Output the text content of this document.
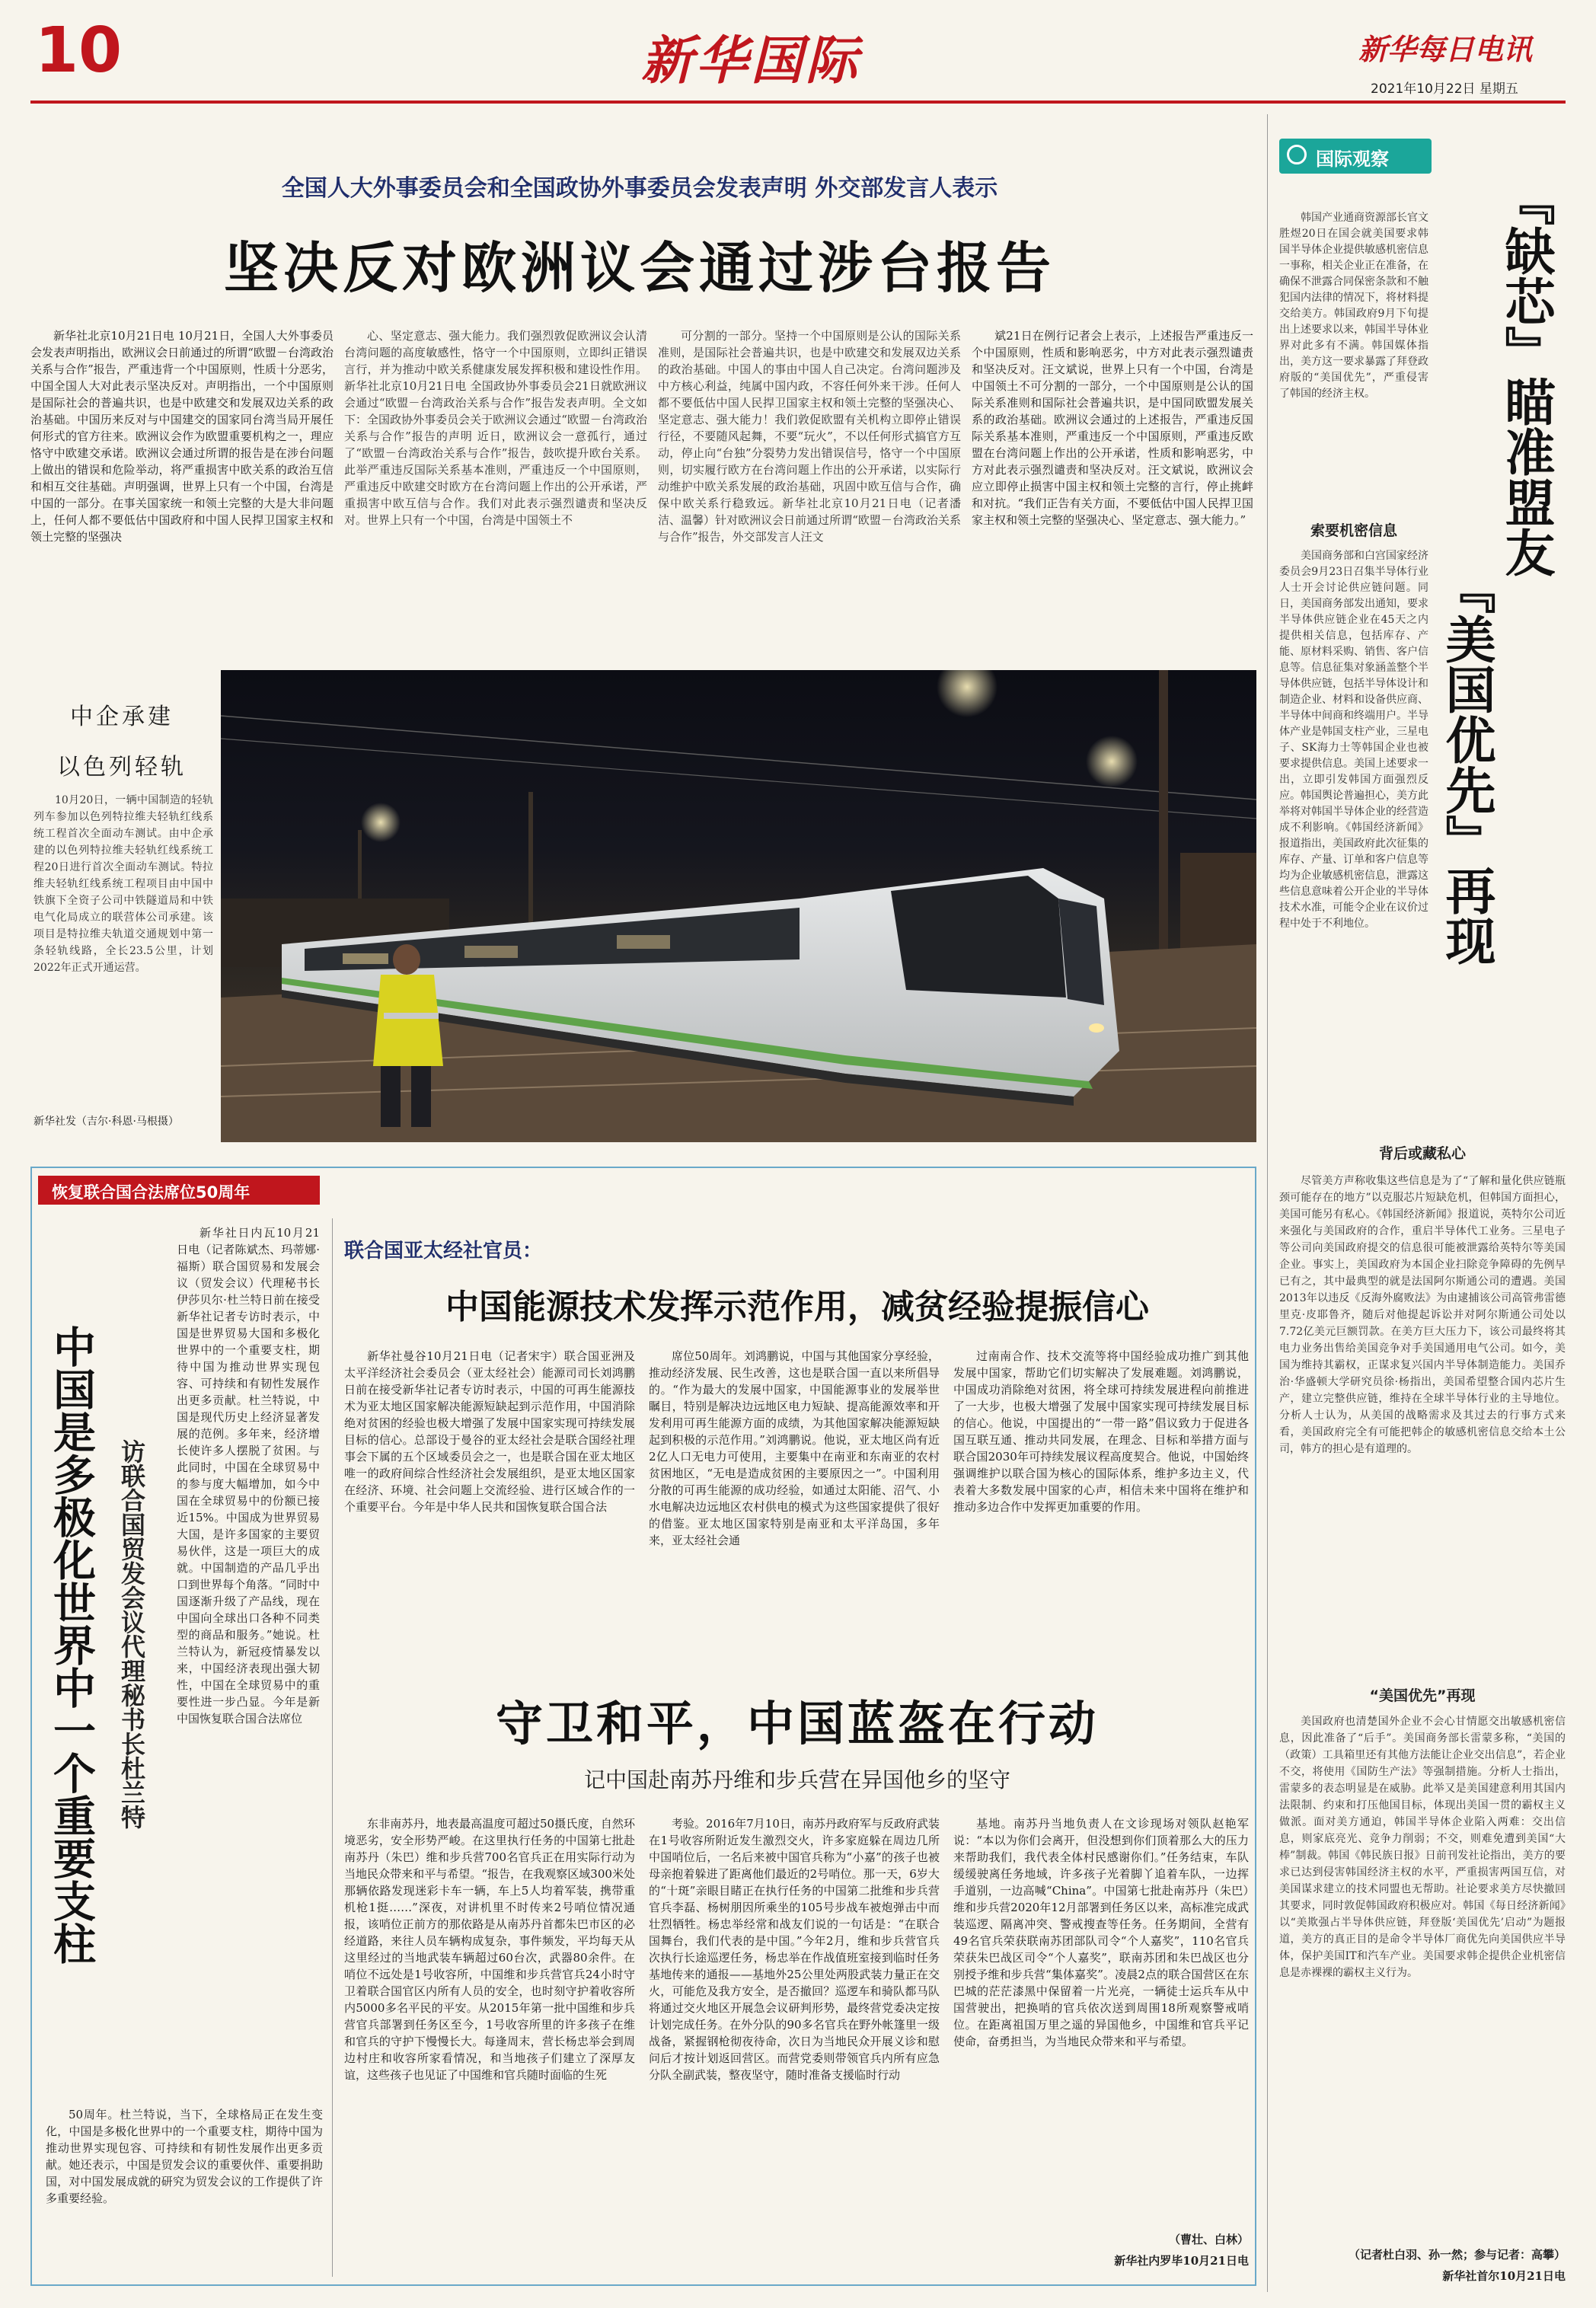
10	新华国际	新华每日电讯
2021年10月22日 星期五
全国人大外事委员会和全国政协外事委员会发表声明 外交部发言人表示
坚决反对欧洲议会通过涉台报告

新华社北京10月21日电 10月21日，全国人大外事委员会发表声明指出，欧洲议会日前通过的所谓“欧盟－台湾政治关系与合作”报告，严重违背一个中国原则，性质十分恶劣，中国全国人大对此表示坚决反对。声明指出，一个中国原则是国际社会的普遍共识，也是中欧建交和发展双边关系的政治基础。中国历来反对与中国建交的国家同台湾当局开展任何形式的官方往来。欧洲议会作为欧盟重要机构之一，理应恪守中欧建交承诺。欧洲议会通过所谓的报告是在涉台问题上做出的错误和危险举动，将严重损害中欧关系的政治互信和相互交往基础。声明强调，世界上只有一个中国，台湾是中国的一部分。在事关国家统一和领土完整的大是大非问题上，任何人都不要低估中国政府和中国人民捍卫国家主权和领土完整的坚强决

心、坚定意志、强大能力。我们强烈敦促欧洲议会认清台湾问题的高度敏感性，恪守一个中国原则，立即纠正错误言行，并为推动中欧关系健康发展发挥积极和建设性作用。新华社北京10月21日电 全国政协外事委员会21日就欧洲议会通过“欧盟－台湾政治关系与合作”报告发表声明。全文如下：全国政协外事委员会关于欧洲议会通过“欧盟－台湾政治关系与合作”报告的声明 近日，欧洲议会一意孤行，通过了“欧盟－台湾政治关系与合作”报告，鼓吹提升欧台关系。此举严重违反国际关系基本准则，严重违反一个中国原则，严重违反中欧建交时欧方在台湾问题上作出的公开承诺，严重损害中欧互信与合作。我们对此表示强烈谴责和坚决反对。世界上只有一个中国，台湾是中国领土不

可分割的一部分。坚持一个中国原则是公认的国际关系准则，是国际社会普遍共识，也是中欧建交和发展双边关系的政治基础。中国人的事由中国人自己决定。台湾问题涉及中方核心利益，纯属中国内政，不容任何外来干涉。任何人都不要低估中国人民捍卫国家主权和领土完整的坚强决心、坚定意志、强大能力！我们敦促欧盟有关机构立即停止错误行径，不要随风起舞，不要“玩火”，不以任何形式搞官方互动，停止向“台独”分裂势力发出错误信号，恪守一个中国原则，切实履行欧方在台湾问题上作出的公开承诺，以实际行动维护中欧关系发展的政治基础，巩固中欧互信与合作，确保中欧关系行稳致远。新华社北京10月21日电（记者潘洁、温馨）针对欧洲议会日前通过所谓“欧盟－台湾政治关系与合作”报告，外交部发言人汪文

斌21日在例行记者会上表示，上述报告严重违反一个中国原则，性质和影响恶劣，中方对此表示强烈谴责和坚决反对。汪文斌说，世界上只有一个中国，台湾是中国领土不可分割的一部分，一个中国原则是公认的国际关系准则和国际社会普遍共识，是中国同欧盟发展关系的政治基础。欧洲议会通过的上述报告，严重违反国际关系基本准则，严重违反一个中国原则，严重违反欧盟在台湾问题上作出的公开承诺，性质和影响恶劣，中方对此表示强烈谴责和坚决反对。汪文斌说，欧洲议会应立即停止损害中国主权和领土完整的言行，停止挑衅和对抗。“我们正告有关方面，不要低估中国人民捍卫国家主权和领土完整的坚强决心、坚定意志、强大能力。”

中企承建
以色列轻轨

10月20日，一辆中国制造的轻轨列车参加以色列特拉维夫轻轨红线系统工程首次全面动车测试。由中企承建的以色列特拉维夫轻轨红线系统工程20日进行首次全面动车测试。特拉维夫轻轨红线系统工程项目由中国中铁旗下全资子公司中铁隧道局和中铁电气化局成立的联营体公司承建。该项目是特拉维夫轨道交通规划中第一条轻轨线路，全长23.5公里，计划2022年正式开通运营。

新华社发（吉尔·科恩·马根摄）
国际观察
『缺芯』瞄准盟友
『美国优先』再现

韩国产业通商资源部长官文胜煜20日在国会就美国要求韩国半导体企业提供敏感机密信息一事称，相关企业正在准备，在确保不泄露合同保密条款和不触犯国内法律的情况下，将材料提交给美方。韩国政府9月下旬提出上述要求以来，韩国半导体业界对此多有不满。韩国媒体指出，美方这一要求暴露了拜登政府版的“美国优先”，严重侵害了韩国的经济主权。

索要机密信息

美国商务部和白宫国家经济委员会9月23日召集半导体行业人士开会讨论供应链问题。同日，美国商务部发出通知，要求半导体供应链企业在45天之内提供相关信息，包括库存、产能、原材料采购、销售、客户信息等。信息征集对象涵盖整个半导体供应链，包括半导体设计和制造企业、材料和设备供应商、半导体中间商和终端用户。半导体产业是韩国支柱产业，三星电子、SK海力士等韩国企业也被要求提供信息。美国上述要求一出，立即引发韩国方面强烈反应。韩国舆论普遍担心，美方此举将对韩国半导体企业的经营造成不利影响。《韩国经济新闻》报道指出，美国政府此次征集的库存、产量、订单和客户信息等均为企业敏感机密信息，泄露这些信息意味着公开企业的半导体技术水准，可能令企业在议价过程中处于不利地位。

背后或藏私心

尽管美方声称收集这些信息是为了“了解和量化供应链瓶颈可能存在的地方”以克服芯片短缺危机，但韩国方面担心，美国可能另有私心。《韩国经济新闻》报道说，英特尔公司近来强化与美国政府的合作，重启半导体代工业务。三星电子等公司向美国政府提交的信息很可能被泄露给英特尔等美国企业。事实上，美国政府为本国企业扫除竞争障碍的先例早已有之，其中最典型的就是法国阿尔斯通公司的遭遇。美国2013年以违反《反海外腐败法》为由逮捕该公司高管弗雷德里克·皮耶鲁齐，随后对他提起诉讼并对阿尔斯通公司处以7.72亿美元巨额罚款。在美方巨大压力下，该公司最终将其电力业务出售给美国竞争对手美国通用电气公司。如今，美国为维持其霸权，正谋求复兴国内半导体制造能力。美国乔治·华盛顿大学研究员徐·杨指出，美国希望整合国内芯片生产，建立完整供应链，维持在全球半导体行业的主导地位。分析人士认为，从美国的战略需求及其过去的行事方式来看，美国政府完全有可能把韩企的敏感机密信息交给本土公司，韩方的担心是有道理的。

“美国优先”再现

美国政府也清楚国外企业不会心甘情愿交出敏感机密信息，因此准备了“后手”。美国商务部长雷蒙多称，“美国的（政策）工具箱里还有其他方法能让企业交出信息”，若企业不交，将使用《国防生产法》等强制措施。分析人士指出，雷蒙多的表态明显是在威胁。此举又是美国建意利用其国内法限制、约束和打压他国目标，体现出美国一贯的霸权主义做派。面对美方通迫，韩国半导体企业陷入两难：交出信息，则家底亮光、竞争力削弱；不交，则难免遭到美国“大棒”制裁。韩国《韩民族日报》日前刊发社论指出，美方的要求已达到侵害韩国经济主权的水平，严重损害两国互信，对美国谋求建立的技术同盟也无帮助。社论要求美方尽快撤回其要求，同时敦促韩国政府积极应对。韩国《每日经济新闻》以“美欺强占半导体供应链，拜登版‘美国优先’启动”为题报道，美方的真正目的是命令半导体厂商优先向美国供应半导体，保护美国IT和汽车产业。美国要求韩企提供企业机密信息是赤裸裸的霸权主义行为。

（记者杜白羽、孙一然；参与记者：高攀）
新华社首尔10月21日电
恢复联合国合法席位50周年
中国是多极化世界中一个重要支柱 访联合国贸发会议代理秘书长杜兰特

新华社日内瓦10月21日电（记者陈斌杰、玛蒂娜·福斯）联合国贸易和发展会议（贸发会议）代理秘书长伊莎贝尔·杜兰特日前在接受新华社记者专访时表示，中国是世界贸易大国和多极化世界中的一个重要支柱，期待中国为推动世界实现包容、可持续和有韧性发展作出更多贡献。杜兰特说，中国是现代历史上经济显著发展的范例。多年来，经济增长使许多人摆脱了贫困。与此同时，中国在全球贸易中的参与度大幅增加，如今中国在全球贸易中的份额已接近15%。中国成为世界贸易大国，是许多国家的主要贸易伙伴，这是一项巨大的成就。中国制造的产品几乎出口到世界每个角落。“同时中国逐渐升级了产品线，现在中国向全球出口各种不同类型的商品和服务。”她说。杜兰特认为，新冠疫情暴发以来，中国经济表现出强大韧性，中国在全球贸易中的重要性进一步凸显。今年是新中国恢复联合国合法席位

50周年。杜兰特说，当下，全球格局正在发生变化，中国是多极化世界中的一个重要支柱，期待中国为推动世界实现包容、可持续和有韧性发展作出更多贡献。她还表示，中国是贸发会议的重要伙伴、重要捐助国，对中国发展成就的研究为贸发会议的工作提供了许多重要经验。

联合国亚太经社官员：
中国能源技术发挥示范作用，减贫经验提振信心

新华社曼谷10月21日电（记者宋宇）联合国亚洲及太平洋经济社会委员会（亚太经社会）能源司司长刘鸿鹏日前在接受新华社记者专访时表示，中国的可再生能源技术为亚太地区国家解决能源短缺起到示范作用，中国消除绝对贫困的经验也极大增强了发展中国家实现可持续发展目标的信心。总部设于曼谷的亚太经社会是联合国经社理事会下属的五个区域委员会之一，也是联合国在亚太地区唯一的政府间综合性经济社会发展组织，是亚太地区国家在经济、环境、社会问题上交流经验、进行区域合作的一个重要平台。今年是中华人民共和国恢复联合国合法

席位50周年。刘鸿鹏说，中国与其他国家分享经验，推动经济发展、民生改善，这也是联合国一直以来所倡导的。“作为最大的发展中国家，中国能源事业的发展举世瞩目，特别是解决边远地区电力短缺、提高能源效率和开发利用可再生能源方面的成绩，为其他国家解决能源短缺起到积极的示范作用。”刘鸿鹏说。他说，亚太地区尚有近2亿人口无电力可使用，主要集中在南亚和东南亚的农村贫困地区，“无电是造成贫困的主要原因之一”。中国利用分散的可再生能源的成功经验，如通过太阳能、沼气、小水电解决边远地区农村供电的模式为这些国家提供了很好的借鉴。亚太地区国家特别是南亚和太平洋岛国，多年来，亚太经社会通

过南南合作、技术交流等将中国经验成功推广到其他发展中国家，帮助它们切实解决了发展难题。刘鸿鹏说，中国成功消除绝对贫困，将全球可持续发展进程向前推进了一大步，也极大增强了发展中国家实现可持续发展目标的信心。他说，中国提出的“一带一路”倡议致力于促进各国互联互通、推动共同发展，在理念、目标和举措方面与联合国2030年可持续发展议程高度契合。他说，中国始终强调维护以联合国为核心的国际体系，维护多边主义，代表着大多数发展中国家的心声，相信未来中国将在维护和推动多边合作中发挥更加重要的作用。

守卫和平，中国蓝盔在行动
记中国赴南苏丹维和步兵营在异国他乡的坚守

东非南苏丹，地表最高温度可超过50摄氏度，自然环境恶劣，安全形势严峻。在这里执行任务的中国第七批赴南苏丹（朱巴）维和步兵营700名官兵正在用实际行动为当地民众带来和平与希望。“报告，在我观察区域300米处那辆依路发现迷彩卡车一辆，车上5人均着军装，携带重机枪1挺……”深夜，对讲机里不时传来2号哨位情况通报，该哨位正前方的那依路是从南苏丹首都朱巴市区的必经道路，来往人员车辆构成复杂，事件频发，平均每天从这里经过的当地武装车辆超过60台次，武器80余件。在哨位不远处是1号收容所，中国维和步兵营官兵24小时守卫着联合国官区内所有人员的安全，也时刻守护着收容所内5000多名平民的平安。从2015年第一批中国维和步兵营官兵部署到任务区至今，1号收容所里的许多孩子在维和官兵的守护下慢慢长大。每逢周末，营长杨忠举会到周边村庄和收容所家看情况，和当地孩子们建立了深厚友谊，这些孩子也见证了中国维和官兵随时面临的生死

考验。2016年7月10日，南苏丹政府军与反政府武装在1号收容所附近发生激烈交火，许多家庭躲在周边几所中国哨位后，一名后来被中国官兵称为“小嘉”的孩子也被母亲抱着躲进了距离他们最近的2号哨位。那一天，6岁大的“十斑”亲眼目睹正在执行任务的中国第二批维和步兵营官兵李磊、杨树朋因所乘坐的105号步战车被炮弹击中而壮烈牺牲。杨忠举经常和战友们说的一句话是：“在联合国舞台，我们代表的是中国。”今年2月，维和步兵营官兵次执行长途巡逻任务，杨忠举在作战值班室接到临时任务基地传来的通报——基地外25公里处两股武装力量正在交火，可能危及我方安全，是否撤回？巡逻车和骑队都马队将通过交火地区开展急会议研判形势，最终营党委决定按计划完成任务。在外分队的90多名官兵在野外帐篷里一级战备，紧握钢枪彻夜待命，次日为当地民众开展义诊和慰问后才按计划返回营区。而营党委则带领官兵内所有应急分队全副武装，整夜坚守，随时准备支援临时行动

基地。南苏丹当地负责人在文诊现场对领队赵艳军说：“本以为你们会离开，但没想到你们顶着那么大的压力来帮助我们，我代表全体村民感谢你们。”任务结束，车队缓缓驶离任务地域，许多孩子光着脚丫追着车队，一边挥手道别，一边高喊“China”。中国第七批赴南苏丹（朱巴）维和步兵营2020年12月部署到任务区以来，高标准完成武装巡逻、隔离冲突、警戒搜查等任务。任务期间，全营有49名官兵荣获联南苏团部队司令“个人嘉奖”，110名官兵荣获朱巴战区司令“个人嘉奖”，联南苏团和朱巴战区也分别授予维和步兵营“集体嘉奖”。凌晨2点的联合国营区在东巴城的茫茫漆黑中保留着一片光亮，一辆徒士运兵车从中国营驶出，把换哨的官兵依次送到周围18所观察警戒哨位。在距离祖国万里之遥的异国他乡，中国维和官兵平记使命，奋勇担当，为当地民众带来和平与希望。

（曹壮、白林）
新华社内罗毕10月21日电
